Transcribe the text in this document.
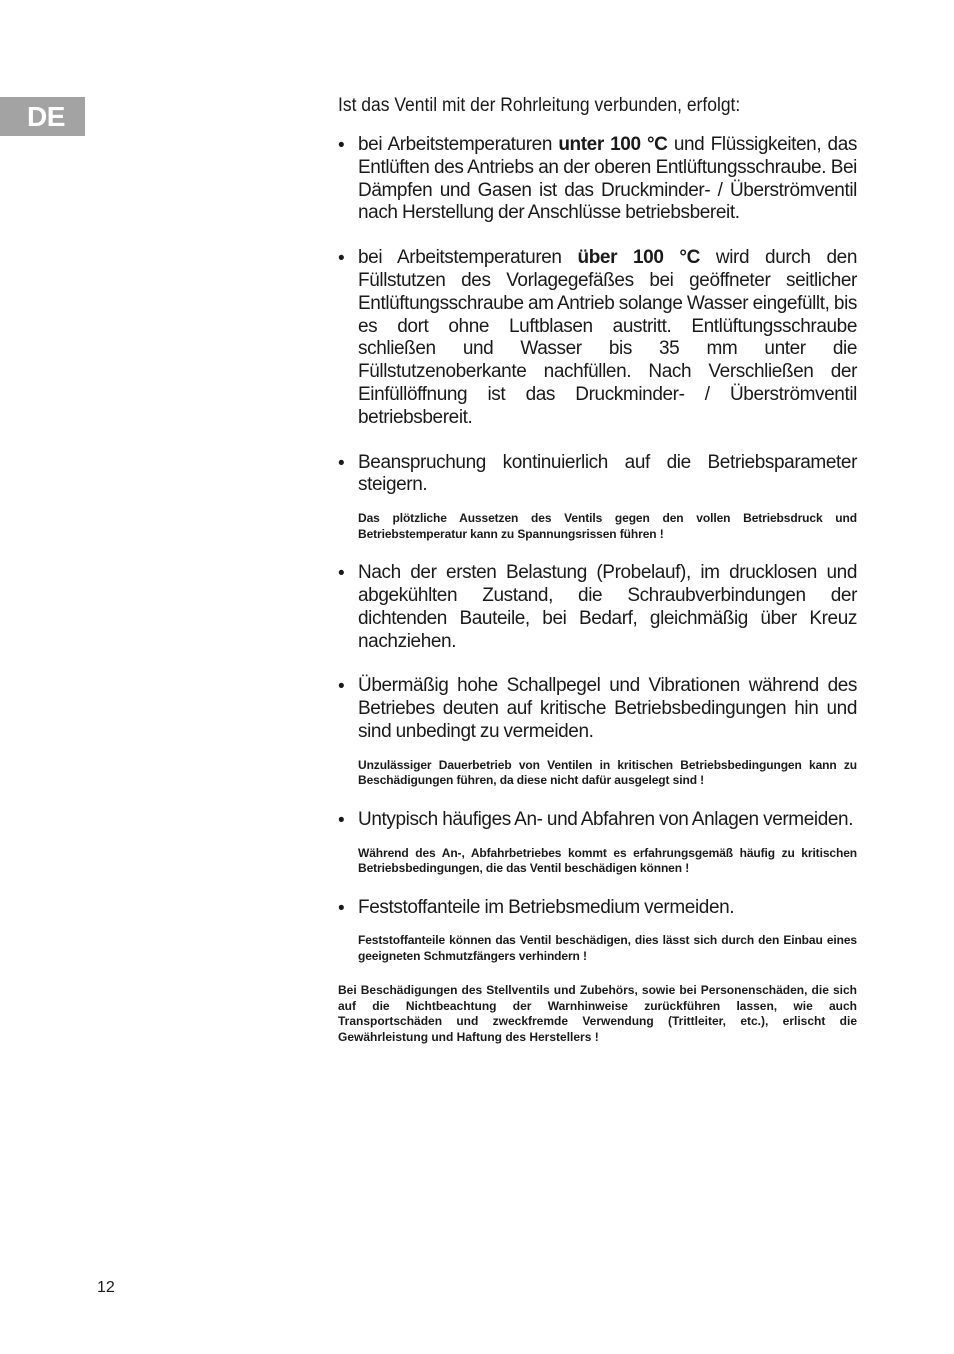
DE	Ist das Ventil mit der Rohrleitung verbunden, erfolgt:

• bei Arbeitstemperaturen unter 100 °C und Flüssigkeiten, das Entlüften des Antriebs an der oberen Entlüftungsschraube. Bei Dämpfen und Gasen ist das Druckminder- / Überströmventil nach Herstellung der Anschlüsse betriebsbereit.
• bei Arbeitstemperaturen über 100 °C wird durch den Füllstutzen des Vorlagegefäßes bei geöffneter seitlicher Entlüftungsschraube am Antrieb solange Wasser eingefüllt, bis es dort ohne Luftblasen austritt. Entlüftungsschraube schließen und Wasser bis 35 mm unter die Füllstutzenoberkante nachfüllen. Nach Verschließen der Einfüllöffnung ist das Druckminder- / Überströmventil betriebsbereit.
• Beanspruchung kontinuierlich auf die Betriebsparameter steigern.

Das plötzliche Aussetzen des Ventils gegen den vollen Betriebsdruck und Betriebstemperatur kann zu Spannungsrissen führen !

• Nach der ersten Belastung (Probelauf), im drucklosen und abgekühlten Zustand, die Schraubverbindungen der dichtenden Bauteile, bei Bedarf, gleichmäßig über Kreuz nachziehen.
• Übermäßig hohe Schallpegel und Vibrationen während des Betriebes deuten auf kritische Betriebsbedingungen hin und sind unbedingt zu vermeiden.

Unzulässiger Dauerbetrieb von Ventilen in kritischen Betriebsbedingungen kann zu Beschädigungen führen, da diese nicht dafür ausgelegt sind !

• Untypisch häufiges An- und Abfahren von Anlagen vermeiden.

Während des An-, Abfahrbetriebes kommt es erfahrungsgemäß häufig zu kritischen Betriebsbedingungen, die das Ventil beschädigen können !

• Feststoffanteile im Betriebsmedium vermeiden.

Feststoffanteile können das Ventil beschädigen, dies lässt sich durch den Einbau eines geeigneten Schmutzfängers verhindern !

Bei Beschädigungen des Stellventils und Zubehörs, sowie bei Personenschäden, die sich auf die Nichtbeachtung der Warnhinweise zurückführen lassen, wie auch Transportschäden und zweckfremde Verwendung (Trittleiter, etc.), erlischt die Gewährleistung und Haftung des Herstellers !

12
